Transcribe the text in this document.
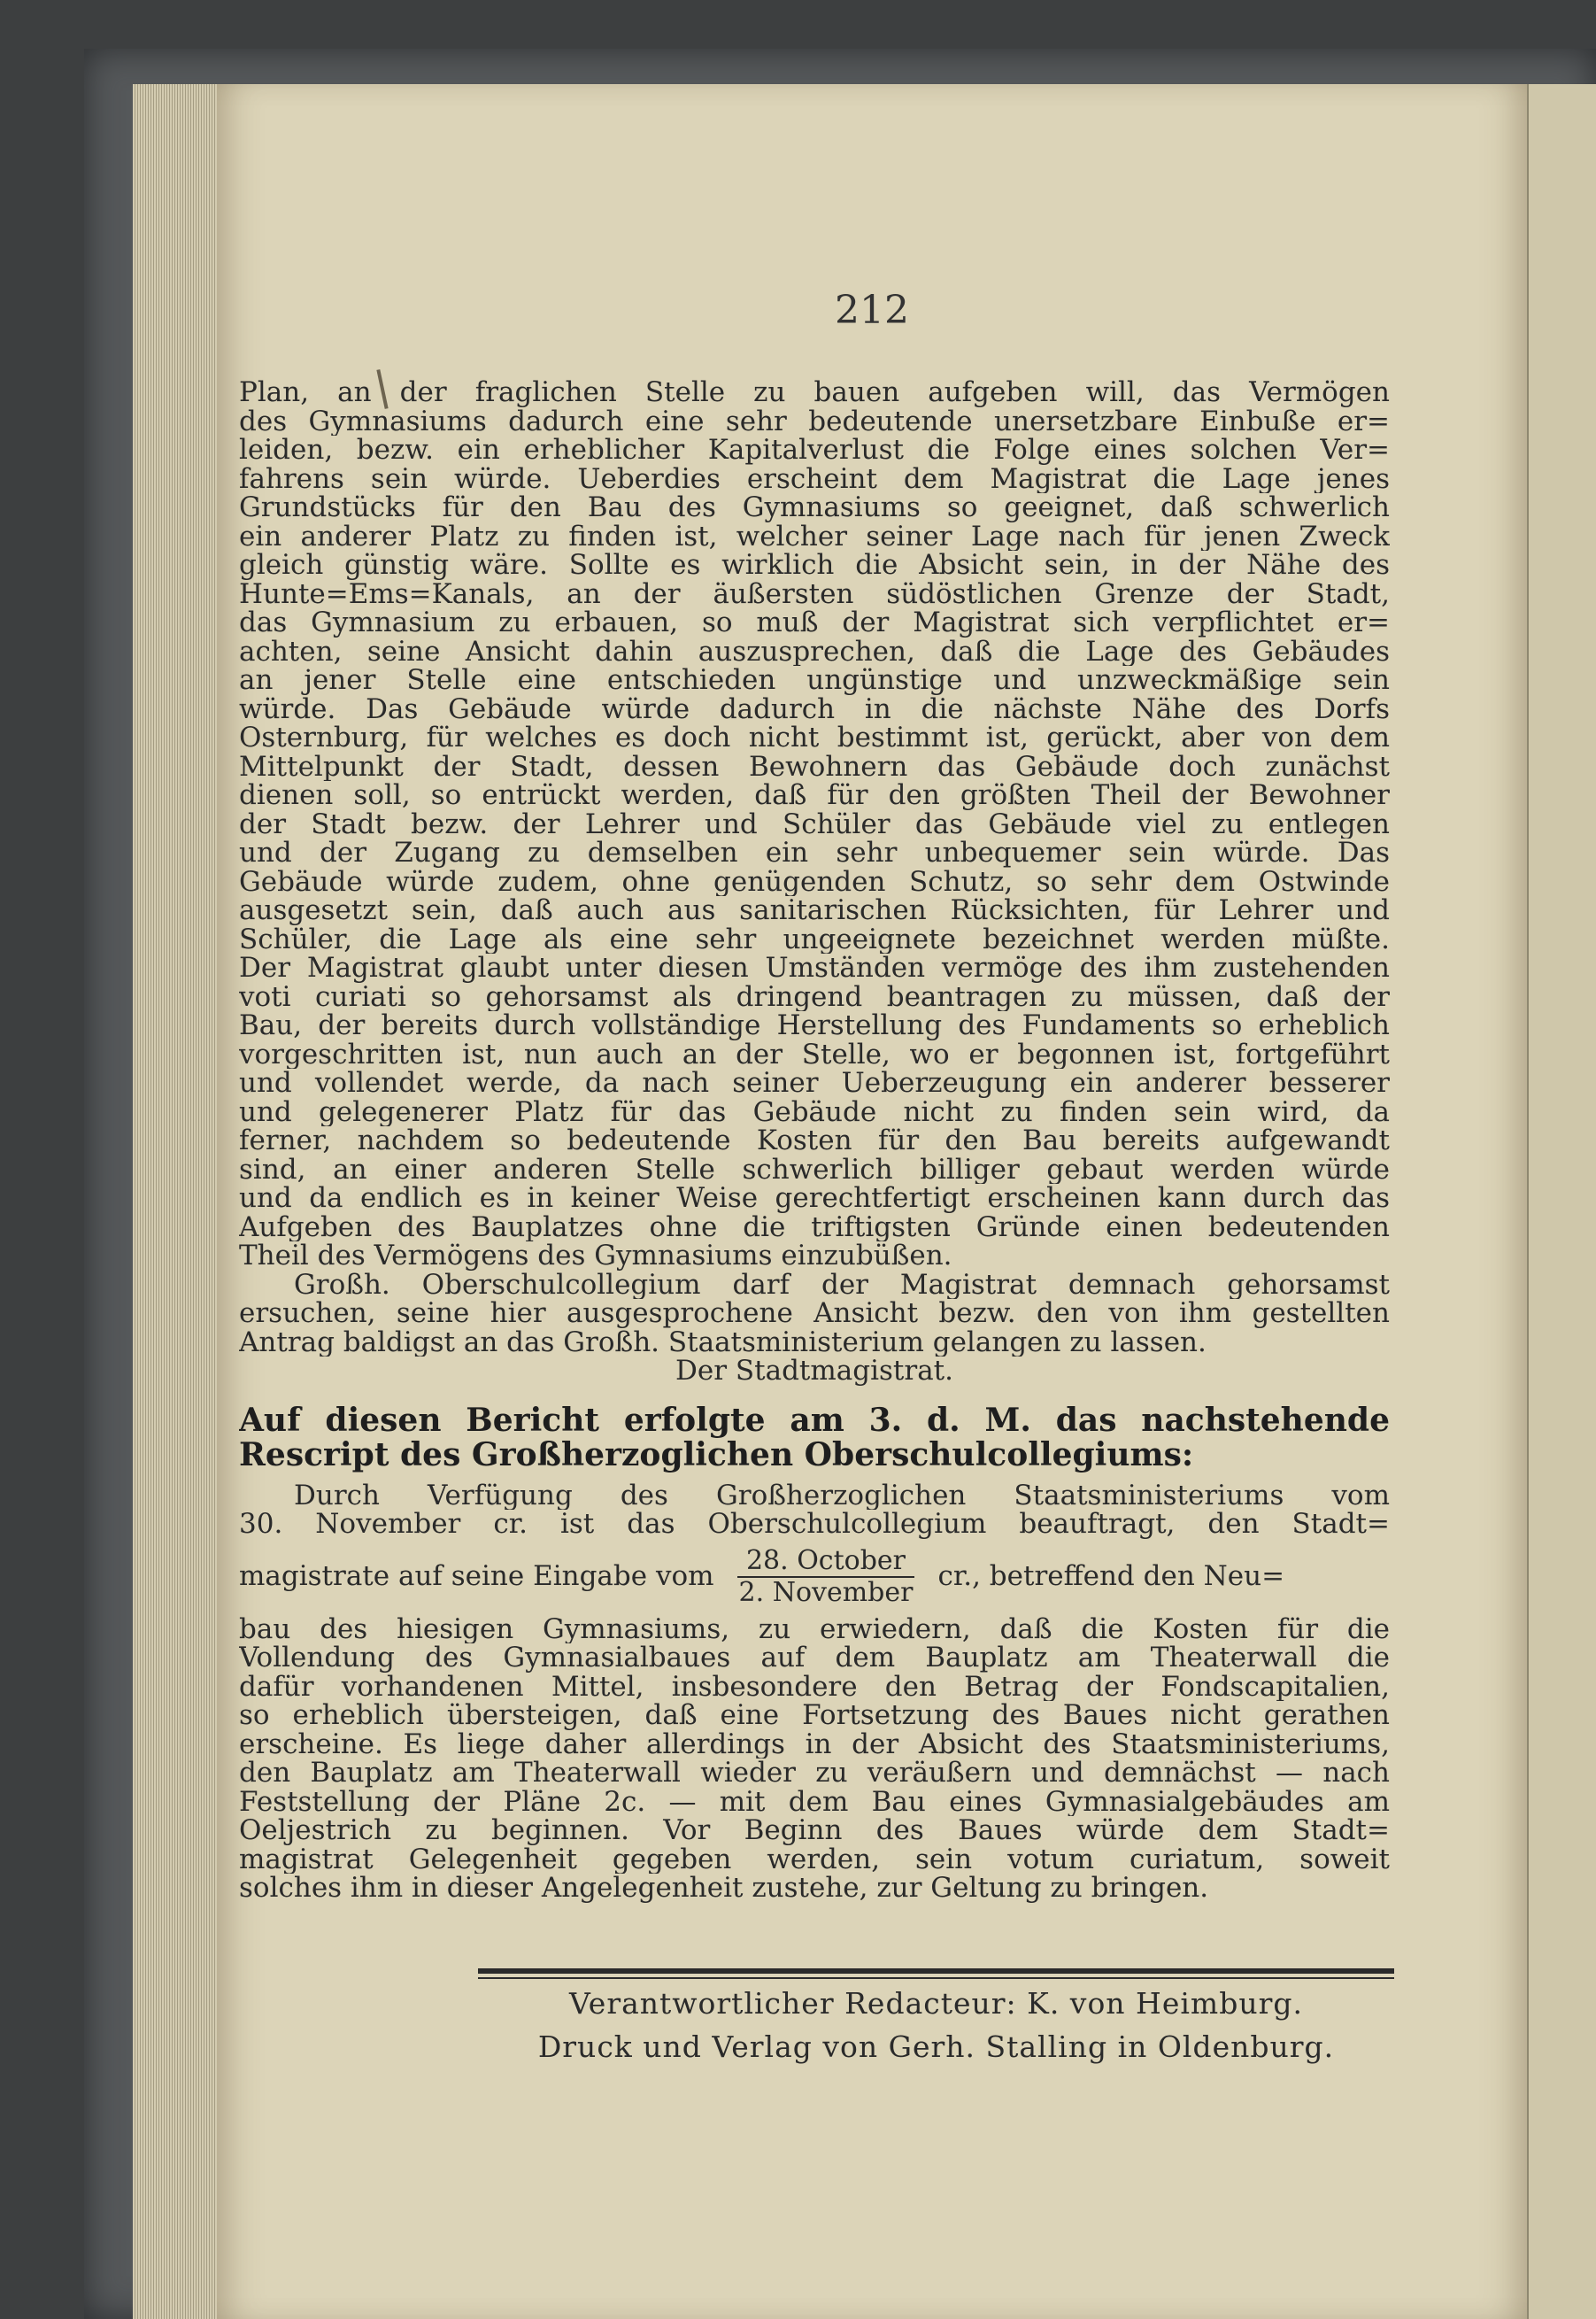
212
Plan, an der fraglichen Stelle zu bauen aufgeben will, das Vermögen
des Gymnasiums dadurch eine sehr bedeutende unersetzbare Einbuße er=
leiden, bezw. ein erheblicher Kapitalverlust die Folge eines solchen Ver=
fahrens sein würde. Ueberdies erscheint dem Magistrat die Lage jenes
Grundstücks für den Bau des Gymnasiums so geeignet, daß schwerlich
ein anderer Platz zu finden ist, welcher seiner Lage nach für jenen Zweck
gleich günstig wäre. Sollte es wirklich die Absicht sein, in der Nähe des
Hunte=Ems=Kanals, an der äußersten südöstlichen Grenze der Stadt,
das Gymnasium zu erbauen, so muß der Magistrat sich verpflichtet er=
achten, seine Ansicht dahin auszusprechen, daß die Lage des Gebäudes
an jener Stelle eine entschieden ungünstige und unzweckmäßige sein
würde. Das Gebäude würde dadurch in die nächste Nähe des Dorfs
Osternburg, für welches es doch nicht bestimmt ist, gerückt, aber von dem
Mittelpunkt der Stadt, dessen Bewohnern das Gebäude doch zunächst
dienen soll, so entrückt werden, daß für den größten Theil der Bewohner
der Stadt bezw. der Lehrer und Schüler das Gebäude viel zu entlegen
und der Zugang zu demselben ein sehr unbequemer sein würde. Das
Gebäude würde zudem, ohne genügenden Schutz, so sehr dem Ostwinde
ausgesetzt sein, daß auch aus sanitarischen Rücksichten, für Lehrer und
Schüler, die Lage als eine sehr ungeeignete bezeichnet werden müßte.
Der Magistrat glaubt unter diesen Umständen vermöge des ihm zustehenden
voti curiati so gehorsamst als dringend beantragen zu müssen, daß der
Bau, der bereits durch vollständige Herstellung des Fundaments so erheblich
vorgeschritten ist, nun auch an der Stelle, wo er begonnen ist, fortgeführt
und vollendet werde, da nach seiner Ueberzeugung ein anderer besserer
und gelegenerer Platz für das Gebäude nicht zu finden sein wird, da
ferner, nachdem so bedeutende Kosten für den Bau bereits aufgewandt
sind, an einer anderen Stelle schwerlich billiger gebaut werden würde
und da endlich es in keiner Weise gerechtfertigt erscheinen kann durch das
Aufgeben des Bauplatzes ohne die triftigsten Gründe einen bedeutenden
Theil des Vermögens des Gymnasiums einzubüßen.
Großh. Oberschulcollegium darf der Magistrat demnach gehorsamst
ersuchen, seine hier ausgesprochene Ansicht bezw. den von ihm gestellten
Antrag baldigst an das Großh. Staatsministerium gelangen zu lassen.
Der Stadtmagistrat.
Auf diesen Bericht erfolgte am 3. d. M. das nachstehende
Rescript des Großherzoglichen Oberschulcollegiums:
Durch Verfügung des Großherzoglichen Staatsministeriums vom
30. November cr. ist das Oberschulcollegium beauftragt, den Stadt=
magistrate auf seine Eingabe vom $\frac{\text{28. October}}{\text{2. November}}$ cr., betreffend den Neu=
bau des hiesigen Gymnasiums, zu erwiedern, daß die Kosten für die
Vollendung des Gymnasialbaues auf dem Bauplatz am Theaterwall die
dafür vorhandenen Mittel, insbesondere den Betrag der Fondscapitalien,
so erheblich übersteigen, daß eine Fortsetzung des Baues nicht gerathen
erscheine. Es liege daher allerdings in der Absicht des Staatsministeriums,
den Bauplatz am Theaterwall wieder zu veräußern und demnächst — nach
Feststellung der Pläne 2c. — mit dem Bau eines Gymnasialgebäudes am
Oeljestrich zu beginnen. Vor Beginn des Baues würde dem Stadt=
magistrat Gelegenheit gegeben werden, sein votum curiatum, soweit
solches ihm in dieser Angelegenheit zustehe, zur Geltung zu bringen.
Verantwortlicher Redacteur: K. von Heimburg.
Druck und Verlag von Gerh. Stalling in Oldenburg.
